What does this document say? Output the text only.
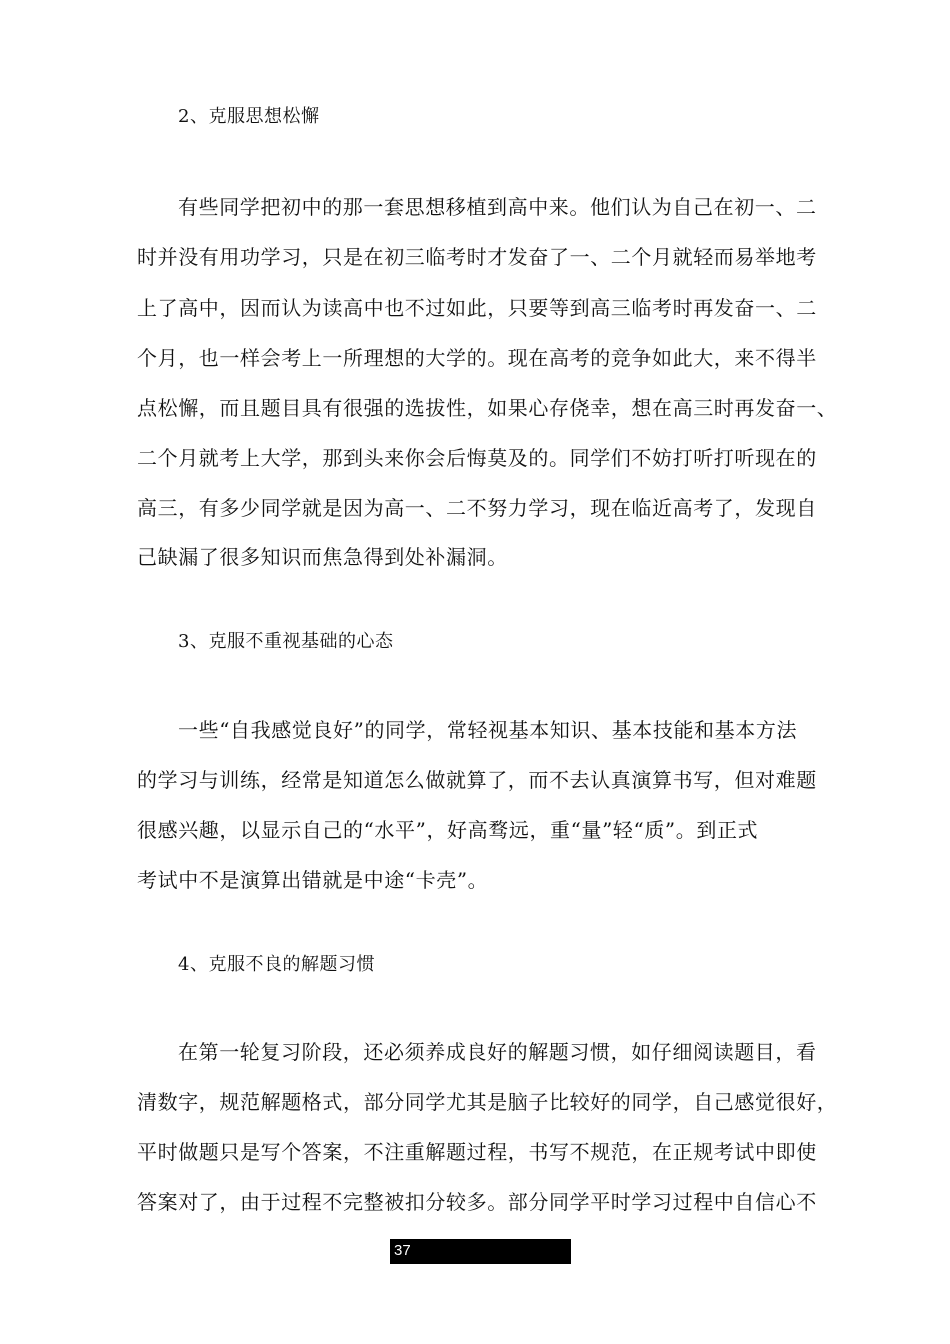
2、克服思想松懈
有些同学把初中的那一套思想移植到高中来。他们认为自己在初一、二
时并没有用功学习，只是在初三临考时才发奋了一、二个月就轻而易举地考
上了高中，因而认为读高中也不过如此，只要等到高三临考时再发奋一、二
个月，也一样会考上一所理想的大学的。现在高考的竞争如此大，来不得半
点松懈，而且题目具有很强的选拔性，如果心存侥幸，想在高三时再发奋一、
二个月就考上大学，那到头来你会后悔莫及的。同学们不妨打听打听现在的
高三，有多少同学就是因为高一、二不努力学习，现在临近高考了，发现自
己缺漏了很多知识而焦急得到处补漏洞。
3、克服不重视基础的心态
一些“自我感觉良好”的同学，常轻视基本知识、基本技能和基本方法
的学习与训练，经常是知道怎么做就算了，而不去认真演算书写，但对难题
很感兴趣，以显示自己的“水平”，好高骛远，重“量”轻“质”。到正式
考试中不是演算出错就是中途“卡壳”。
4、克服不良的解题习惯
在第一轮复习阶段，还必须养成良好的解题习惯，如仔细阅读题目，看
清数字，规范解题格式，部分同学尤其是脑子比较好的同学，自己感觉很好，
平时做题只是写个答案，不注重解题过程，书写不规范，在正规考试中即使
答案对了，由于过程不完整被扣分较多。部分同学平时学习过程中自信心不
37
